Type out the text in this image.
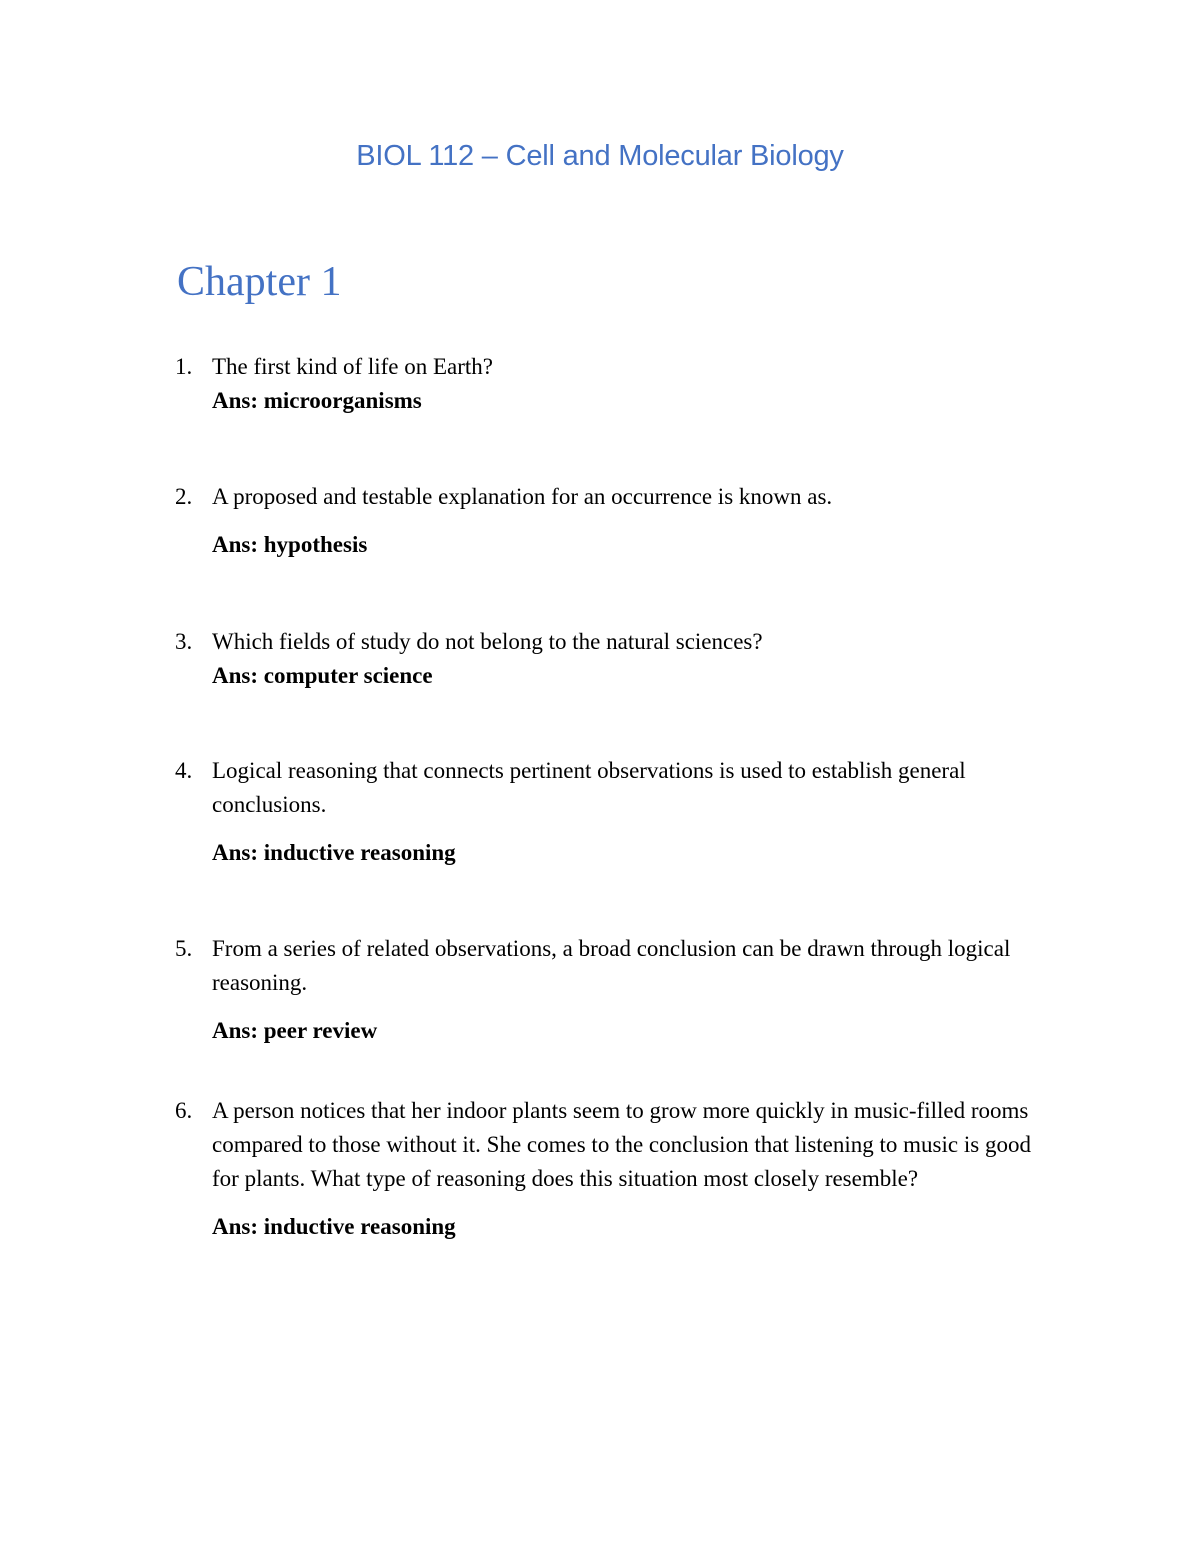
BIOL 112 – Cell and Molecular Biology
Chapter 1
1. The first kind of life on Earth?
Ans: microorganisms
2. A proposed and testable explanation for an occurrence is known as.
Ans: hypothesis
3. Which fields of study do not belong to the natural sciences?
Ans: computer science
4. Logical reasoning that connects pertinent observations is used to establish general conclusions.
Ans: inductive reasoning
5. From a series of related observations, a broad conclusion can be drawn through logical reasoning.
Ans: peer review
6. A person notices that her indoor plants seem to grow more quickly in music-filled rooms compared to those without it. She comes to the conclusion that listening to music is good for plants. What type of reasoning does this situation most closely resemble?
Ans: inductive reasoning
